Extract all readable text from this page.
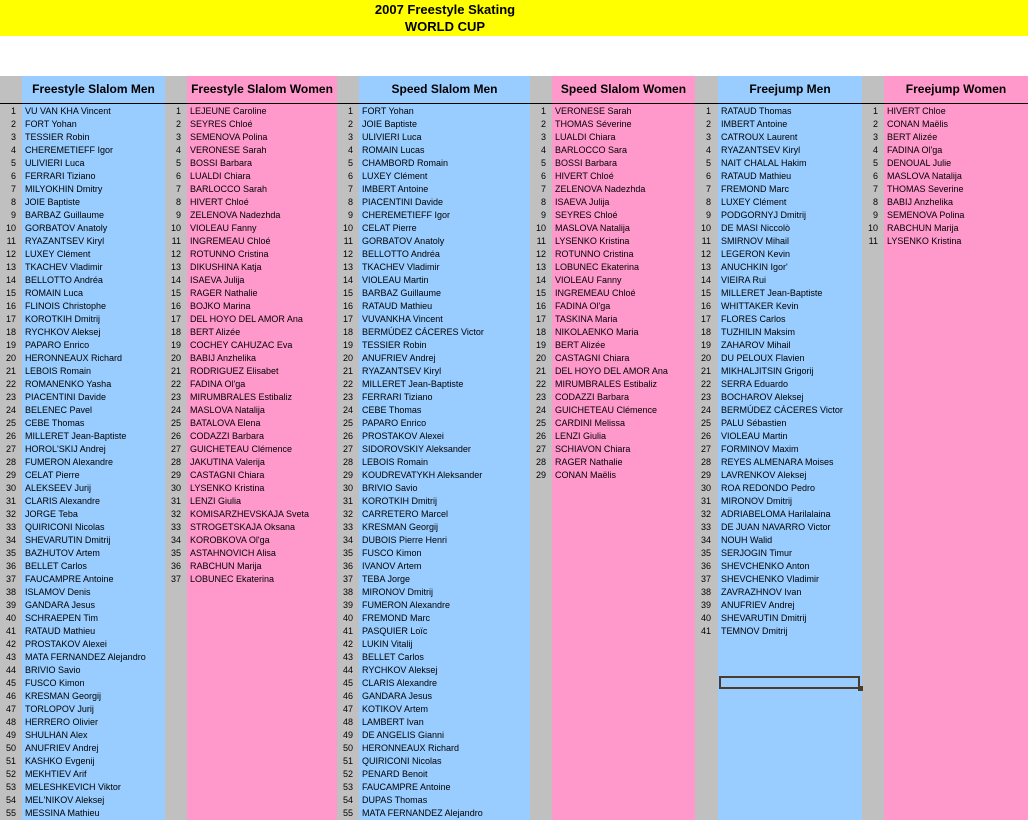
2007 Freestyle Skating
WORLD CUP
Freestyle Slalom Men
1 VU VAN KHA Vincent
2 FORT Yohan
3 TESSIER Robin
4 CHEREMETIEFF Igor
5 ULIVIERI Luca
6 FERRARI Tiziano
7 MILYOKHIN Dmitry
8 JOIE Baptiste
9 BARBAZ Guillaume
10 GORBATOV Anatoly
11 RYAZANTSEV Kiryl
12 LUXEY Clément
13 TKACHEV Vladimir
14 BELLOTTO Andréa
15 ROMAIN Luca
16 FLINOIS Christophe
17 KOROTKIH Dmitrij
18 RYCHKOV Aleksej
19 PAPARO Enrico
20 HERONNEAUX Richard
21 LEBOIS Romain
22 ROMANENKO Yasha
23 PIACENTINI Davide
24 BELENEC Pavel
25 CEBE Thomas
26 MILLERET Jean-Baptiste
27 HOROL'SKIJ Andrej
28 FUMERON Alexandre
29 CELAT Pierre
30 ALEKSEEV Jurij
31 CLARIS Alexandre
32 JORGE Teba
33 QUIRICONI Nicolas
34 SHEVARUTIN Dmitrij
35 BAZHUTOV Artem
36 BELLET Carlos
37 FAUCAMPRE Antoine
38 ISLAMOV Denis
39 GANDARA Jesus
40 SCHRAEPEN Tim
41 RATAUD Mathieu
42 PROSTAKOV Alexei
43 MATA FERNANDEZ Alejandro
44 BRIVIO Savio
45 FUSCO Kimon
46 KRESMAN Georgij
47 TORLOPOV Jurij
48 HERRERO Olivier
49 SHULHAN Alex
50 ANUFRIEV Andrej
51 KASHKO Evgenij
52 MEKHTIEV Arif
53 MELESHKEVICH Viktor
54 MEL'NIKOV Aleksej
55 MESSINA Mathieu
Freestyle Slalom Women
1 LEJEUNE Caroline
2 SEYRES Chloé
3 SEMENOVA Polina
4 VERONESE Sarah
5 BOSSI Barbara
6 LUALDI Chiara
7 BARLOCCO Sarah
8 HIVERT Chloé
9 ZELENOVA Nadezhda
10 VIOLEAU Fanny
11 INGREMEAU Chloé
12 ROTUNNO Cristina
13 DIKUSHINA Katja
14 ISAEVA Julija
15 RAGER Nathalie
16 BOJKO Marina
17 DEL HOYO DEL AMOR Ana
18 BERT Alizée
19 COCHEY CAHUZAC Eva
20 BABIJ Anzhelika
21 RODRIGUEZ Elisabet
22 FADINA Ol'ga
23 MIRUMBRALES Estibaliz
24 MASLOVA Natalija
25 BATALOVA Elena
26 CODAZZI Barbara
27 GUICHETEAU Clémence
28 JAKUTINA Valerija
29 CASTAGNI Chiara
30 LYSENKO Kristina
31 LENZI Giulia
32 KOMISARZHEVSKAJA Sveta
33 STROGETSKAJA Oksana
34 KOROBKOVA Ol'ga
35 ASTAHNOVICH Alisa
36 RABCHUN Marija
37 LOBUNEC Ekaterina
Speed Slalom Men
1 FORT Yohan
2 JOIE Baptiste
3 ULIVIERI Luca
4 ROMAIN Lucas
5 CHAMBORD Romain
6 LUXEY Clément
7 IMBERT Antoine
8 PIACENTINI Davide
9 CHEREMETIEFF Igor
10 CELAT Pierre
11 GORBATOV Anatoly
12 BELLOTTO Andréa
13 TKACHEV Vladimir
14 VIOLEAU Martin
15 BARBAZ Guillaume
16 RATAUD Mathieu
17 VUVANKHA Vincent
18 BERMÚDEZ CÁCERES Victor
19 TESSIER Robin
20 ANUFRIEV Andrej
21 RYAZANTSEV Kiryl
22 MILLERET Jean-Baptiste
23 FERRARI Tiziano
24 CEBE Thomas
25 PAPARO Enrico
26 PROSTAKOV Alexei
27 SIDOROVSKIY Aleksander
28 LEBOIS Romain
29 KOUDREVATYKH Aleksander
30 BRIVIO Savio
31 KOROTKIH Dmitrij
32 CARRETERO Marcel
33 KRESMAN Georgij
34 DUBOIS Pierre Henri
35 FUSCO Kimon
36 IVANOV Artem
37 TEBA Jorge
38 MIRONOV Dmitrij
39 FUMERON Alexandre
40 FREMOND Marc
41 PASQUIER Loïc
42 LUKIN Vitalij
43 BELLET Carlos
44 RYCHKOV Aleksej
45 CLARIS Alexandre
46 GANDARA Jesus
47 KOTIKOV Artem
48 LAMBERT Ivan
49 DE ANGELIS Gianni
50 HERONNEAUX Richard
51 QUIRICONI Nicolas
52 PENARD Benoit
53 FAUCAMPRE Antoine
54 DUPAS Thomas
55 MATA FERNANDEZ Alejandro
Speed Slalom Women
1 VERONESE Sarah
2 THOMAS Séverine
3 LUALDI Chiara
4 BARLOCCO Sara
5 BOSSI Barbara
6 HIVERT Chloé
7 ZELENOVA Nadezhda
8 ISAEVA Julija
9 SEYRES Chloé
10 MASLOVA Natalija
11 LYSENKO Kristina
12 ROTUNNO Cristina
13 LOBUNEC Ekaterina
14 VIOLEAU Fanny
15 INGREMEAU Chloé
16 FADINA Ol'ga
17 TASKINA Maria
18 NIKOLAENKO Maria
19 BERT Alizée
20 CASTAGNI Chiara
21 DEL HOYO DEL AMOR Ana
22 MIRUMBRALES Estibaliz
23 CODAZZI Barbara
24 GUICHETEAU Clémence
25 CARDINI Melissa
26 LENZI Giulia
27 SCHIAVON Chiara
28 RAGER Nathalie
29 CONAN Maëlis
Freejump Men
1 RATAUD Thomas
2 IMBERT Antoine
3 CATROUX Laurent
4 RYAZANTSEV Kiryl
5 NAIT CHALAL Hakim
6 RATAUD Mathieu
7 FREMOND Marc
8 LUXEY Clément
9 PODGORNYJ Dmitrij
10 DE MASI Niccolò
11 SMIRNOV Mihail
12 LEGERON Kevin
13 ANUCHKIN Igor'
14 VIEIRA Rui
15 MILLERET Jean-Baptiste
16 WHITTAKER Kevin
17 FLORES Carlos
18 TUZHILIN Maksim
19 ZAHAROV Mihail
20 DU PELOUX Flavien
21 MIKHALJITSIN Grigorij
22 SERRA Eduardo
23 BOCHAROV Aleksej
24 BERMÚDEZ CÁCERES Victor
25 PALU Sébastien
26 VIOLEAU Martin
27 FORMINOV Maxim
28 REYES ALMENARA Moises
29 LAVRENKOV Aleksej
30 ROA REDONDO Pedro
31 MIRONOV Dmitrij
32 ADRIABELOMA Harilalaina
33 DE JUAN NAVARRO Victor
34 NOUH Walid
35 SERJOGIN Timur
36 SHEVCHENKO Anton
37 SHEVCHENKO Vladimir
38 ZAVRAZHNOV Ivan
39 ANUFRIEV Andrej
40 SHEVARUTIN Dmitrij
41 TEMNOV Dmitrij
Freejump Women
1 HIVERT Chloe
2 CONAN Maëlis
3 BERT Alizée
4 FADINA Ol'ga
5 DENOUAL Julie
6 MASLOVA Natalija
7 THOMAS Severine
8 BABIJ Anzhelika
9 SEMENOVA Polina
10 RABCHUN Marija
11 LYSENKO Kristina
